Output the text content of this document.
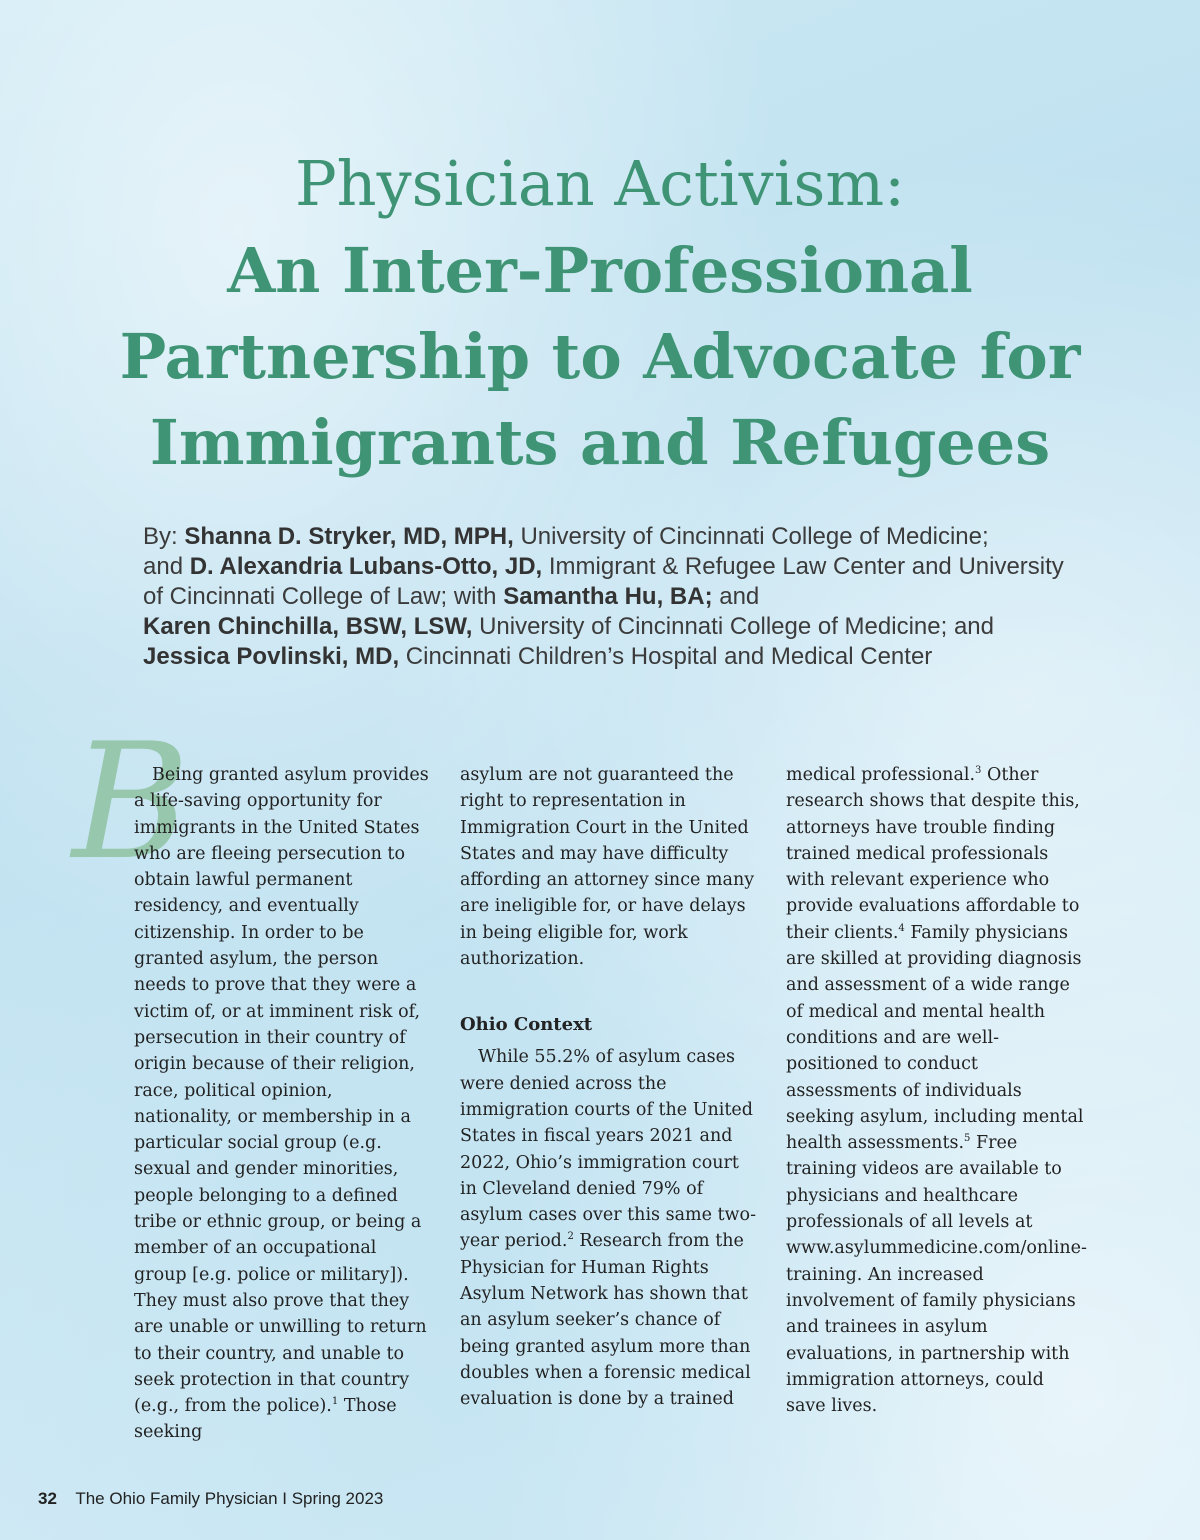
Physician Activism:
An Inter-Professional
Partnership to Advocate for
Immigrants and Refugees
By: Shanna D. Stryker, MD, MPH, University of Cincinnati College of Medicine;
and D. Alexandria Lubans-Otto, JD, Immigrant & Refugee Law Center and University of Cincinnati College of Law; with Samantha Hu, BA; and
Karen Chinchilla, BSW, LSW, University of Cincinnati College of Medicine; and
Jessica Povlinski, MD, Cincinnati Children’s Hospital and Medical Center
B

Being granted asylum provides a life-saving opportunity for immigrants in the United States who are fleeing persecution to obtain lawful permanent residency, and eventually citizenship. In order to be granted asylum, the person needs to prove that they were a victim of, or at imminent risk of, persecution in their country of origin because of their religion, race, political opinion, nationality, or membership in a particular social group (e.g. sexual and gender minorities, people belonging to a defined tribe or ethnic group, or being a member of an occupational group [e.g. police or military]). They must also prove that they are unable or unwilling to return to their country, and unable to seek protection in that country (e.g., from the police).$^1$ Those seeking

asylum are not guaranteed the right to representation in Immigration Court in the United States and may have difficulty affording an attorney since many are ineligible for, or have delays in being eligible for, work authorization.

Ohio Context

While 55.2% of asylum cases were denied across the immigration courts of the United States in fiscal years 2021 and 2022, Ohio’s immigration court in Cleveland denied 79% of asylum cases over this same two-year period.$^2$ Research from the Physician for Human Rights Asylum Network has shown that an asylum seeker’s chance of being granted asylum more than doubles when a forensic medical evaluation is done by a trained

medical professional.$^3$ Other research shows that despite this, attorneys have trouble finding trained medical professionals with relevant experience who provide evaluations affordable to their clients.$^4$ Family physicians are skilled at providing diagnosis and assessment of a wide range of medical and mental health conditions and are well-positioned to conduct assessments of individuals seeking asylum, including mental health assessments.$^5$ Free training videos are available to physicians and healthcare professionals of all levels at www.asylummedicine.com/online-training. An increased involvement of family physicians and trainees in asylum evaluations, in partnership with immigration attorneys, could save lives.

32 The Ohio Family Physician I Spring 2023
